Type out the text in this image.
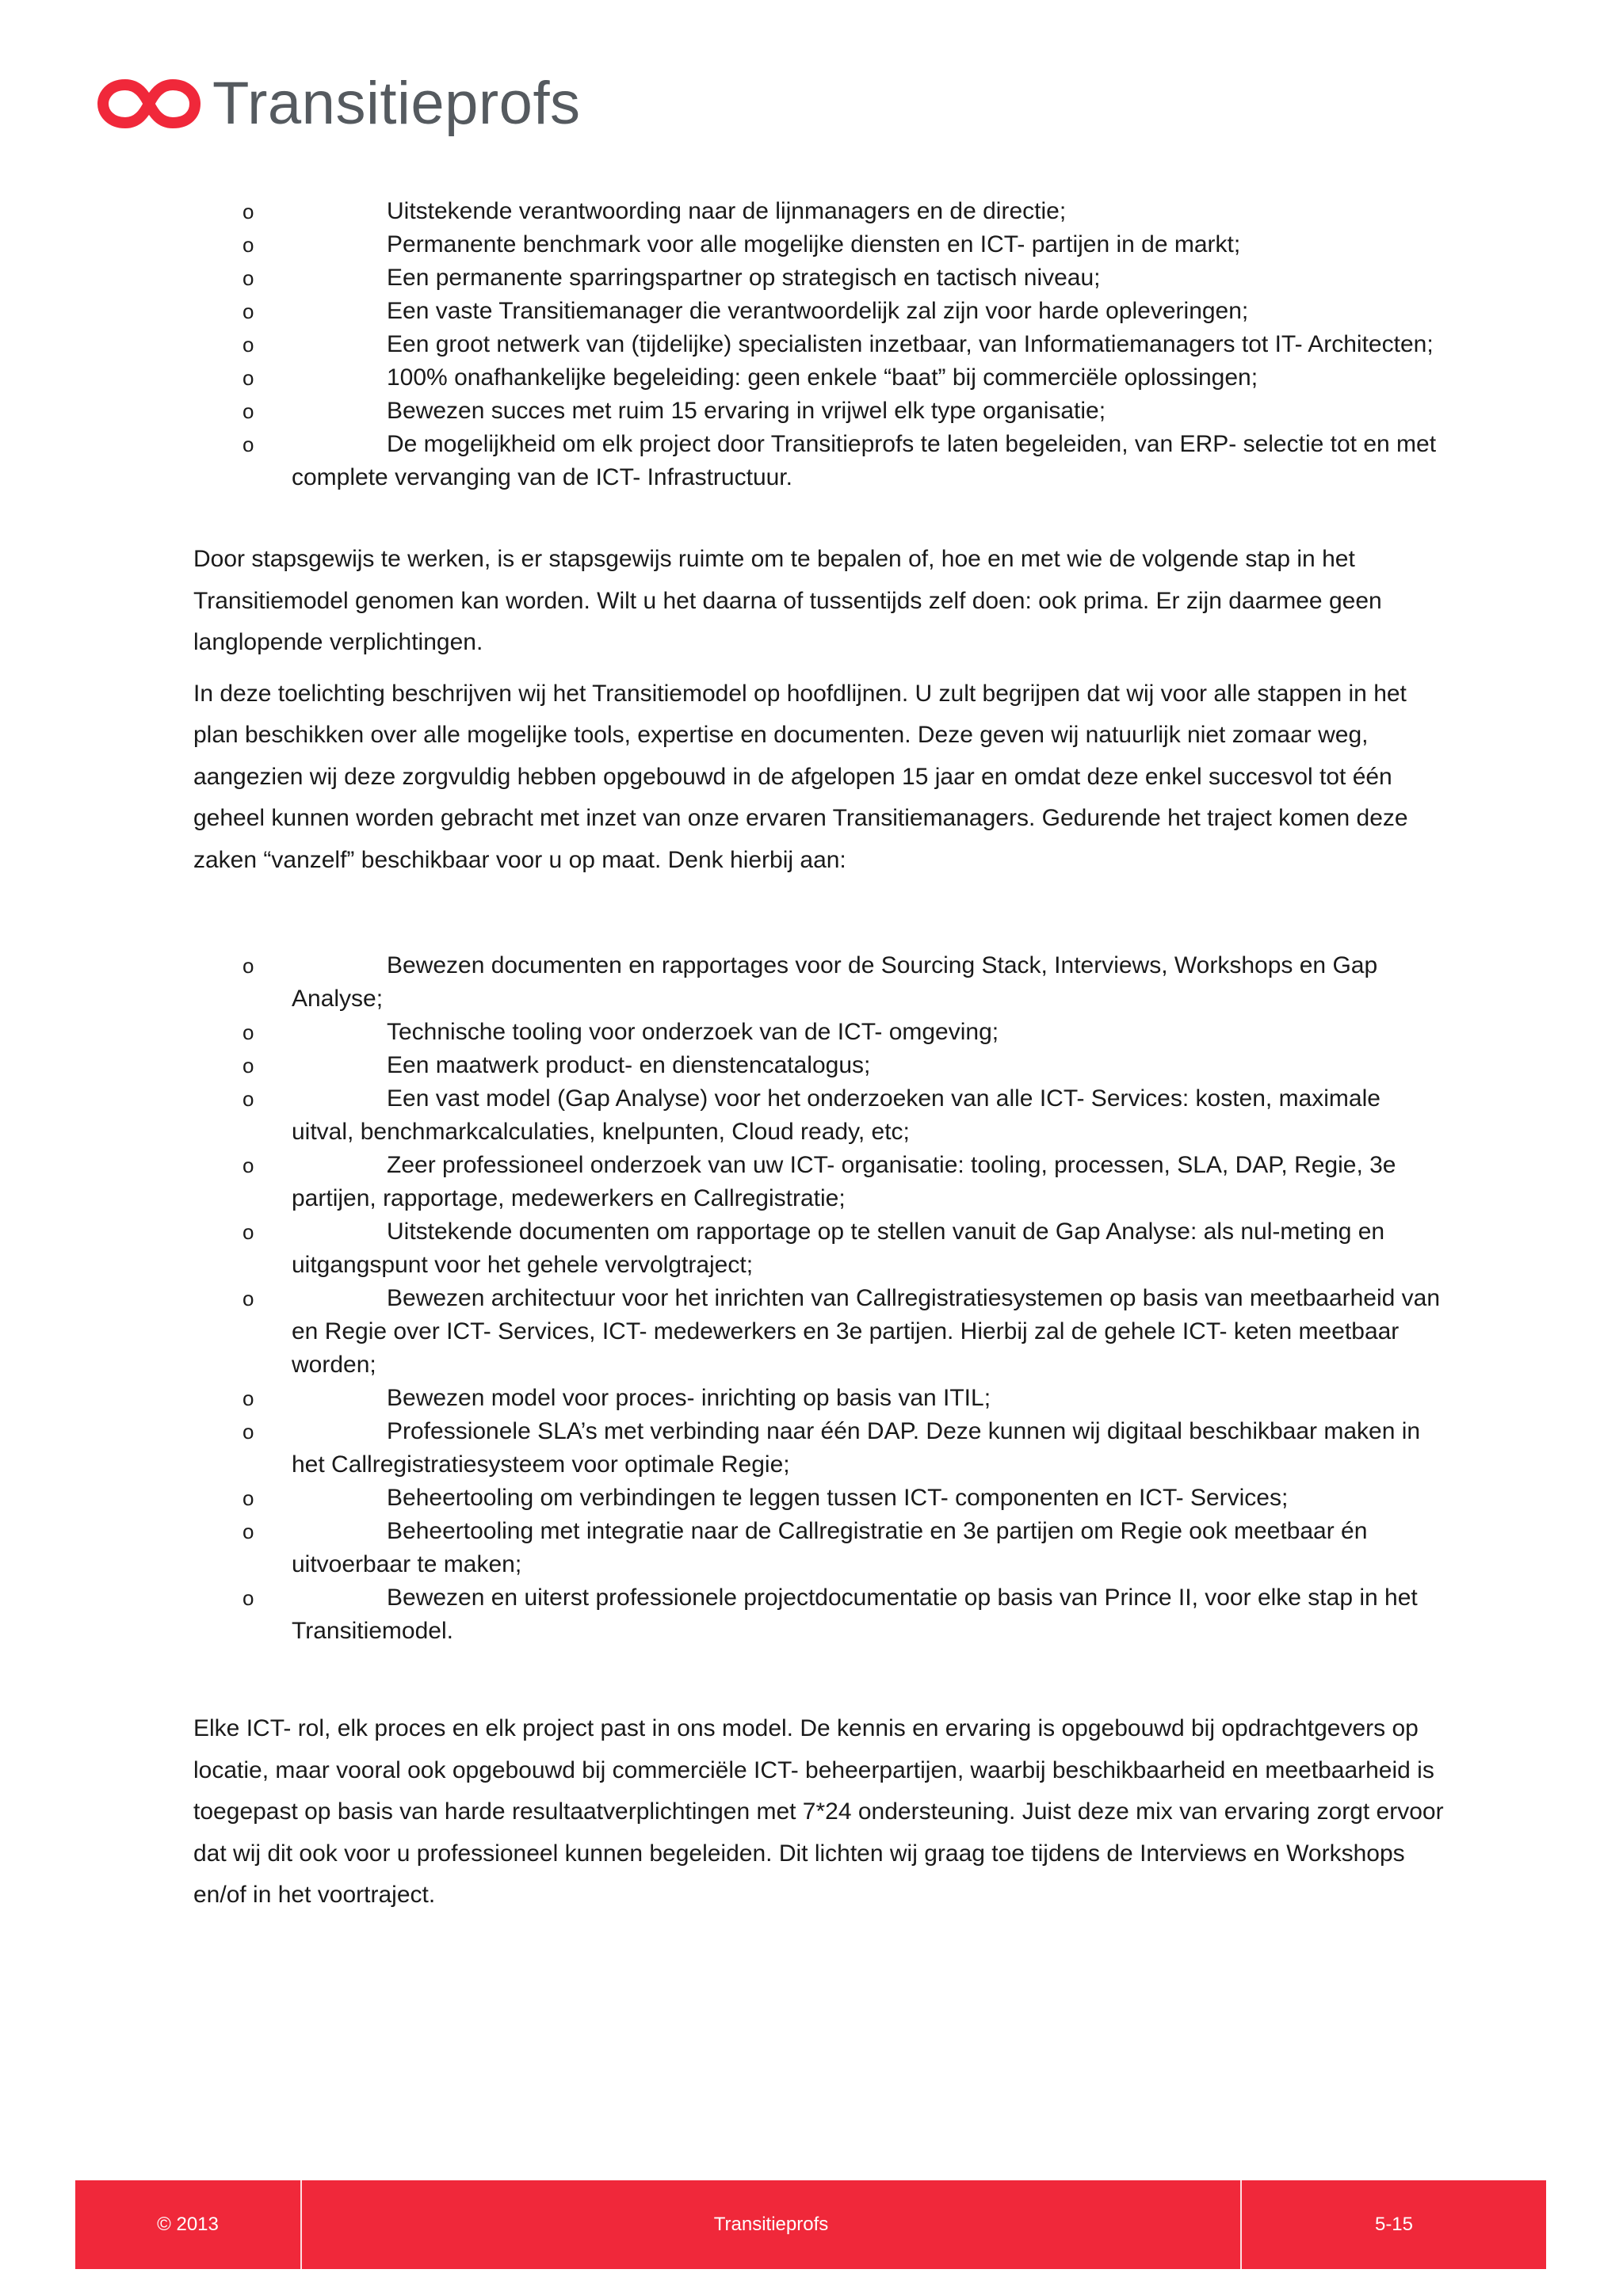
Transitieprofs
o	Uitstekende verantwoording naar de lijnmanagers en de directie;
o	Permanente benchmark voor alle mogelijke diensten en ICT- partijen in de markt;
o	Een permanente sparringspartner op strategisch en tactisch niveau;
o	Een vaste Transitiemanager die verantwoordelijk zal zijn voor harde opleveringen;
o	Een groot netwerk van (tijdelijke) specialisten inzetbaar, van Informatiemanagers tot IT- Architecten;
o	100% onafhankelijke begeleiding: geen enkele “baat” bij commerciële oplossingen;
o	Bewezen succes met ruim 15 ervaring in vrijwel elk type organisatie;
o	De mogelijkheid om elk project door Transitieprofs te laten begeleiden, van ERP- selectie tot en met complete vervanging van de ICT- Infrastructuur.

Door stapsgewijs te werken, is er stapsgewijs ruimte om te bepalen of, hoe en met wie de volgende stap in het Transitiemodel genomen kan worden. Wilt u het daarna of tussentijds zelf doen: ook prima. Er zijn daarmee geen langlopende verplichtingen.

In deze toelichting beschrijven wij het Transitiemodel op hoofdlijnen. U zult begrijpen dat wij voor alle stappen in het plan beschikken over alle mogelijke tools, expertise en documenten. Deze geven wij natuurlijk niet zomaar weg, aangezien wij deze zorgvuldig hebben opgebouwd in de afgelopen 15 jaar en omdat deze enkel succesvol tot één geheel kunnen worden gebracht met inzet van onze ervaren Transitiemanagers. Gedurende het traject komen deze zaken “vanzelf” beschikbaar voor u op maat. Denk hierbij aan:

o	Bewezen documenten en rapportages voor de Sourcing Stack, Interviews, Workshops en Gap Analyse;
o	Technische tooling voor onderzoek van de ICT- omgeving;
o	Een maatwerk product- en dienstencatalogus;
o	Een vast model (Gap Analyse) voor het onderzoeken van alle ICT- Services: kosten, maximale uitval, benchmarkcalculaties, knelpunten, Cloud ready, etc;
o	Zeer professioneel onderzoek van uw ICT- organisatie: tooling, processen, SLA, DAP, Regie, 3e partijen, rapportage, medewerkers en Callregistratie;
o	Uitstekende documenten om rapportage op te stellen vanuit de Gap Analyse: als nul-meting en uitgangspunt voor het gehele vervolgtraject;
o	Bewezen architectuur voor het inrichten van Callregistratiesystemen op basis van meetbaarheid van en Regie over ICT- Services, ICT- medewerkers en 3e partijen. Hierbij zal de gehele ICT- keten meetbaar worden;
o	Bewezen model voor proces- inrichting op basis van ITIL;
o	Professionele SLA’s met verbinding naar één DAP. Deze kunnen wij digitaal beschikbaar maken in het Callregistratiesysteem voor optimale Regie;
o	Beheertooling om verbindingen te leggen tussen ICT- componenten en ICT- Services;
o	Beheertooling met integratie naar de Callregistratie en 3e partijen om Regie ook meetbaar én uitvoerbaar te maken;
o	Bewezen en uiterst professionele projectdocumentatie op basis van Prince II, voor elke stap in het Transitiemodel.

Elke ICT- rol, elk proces en elk project past in ons model. De kennis en ervaring is opgebouwd bij opdrachtgevers op locatie, maar vooral ook opgebouwd bij commerciële ICT- beheerpartijen, waarbij beschikbaarheid en meetbaarheid is toegepast op basis van harde resultaatverplichtingen met 7*24 ondersteuning. Juist deze mix van ervaring zorgt ervoor dat wij dit ook voor u professioneel kunnen begeleiden. Dit lichten wij graag toe tijdens de Interviews en Workshops en/of in het voortraject.

© 2013	Transitieprofs	5-15
